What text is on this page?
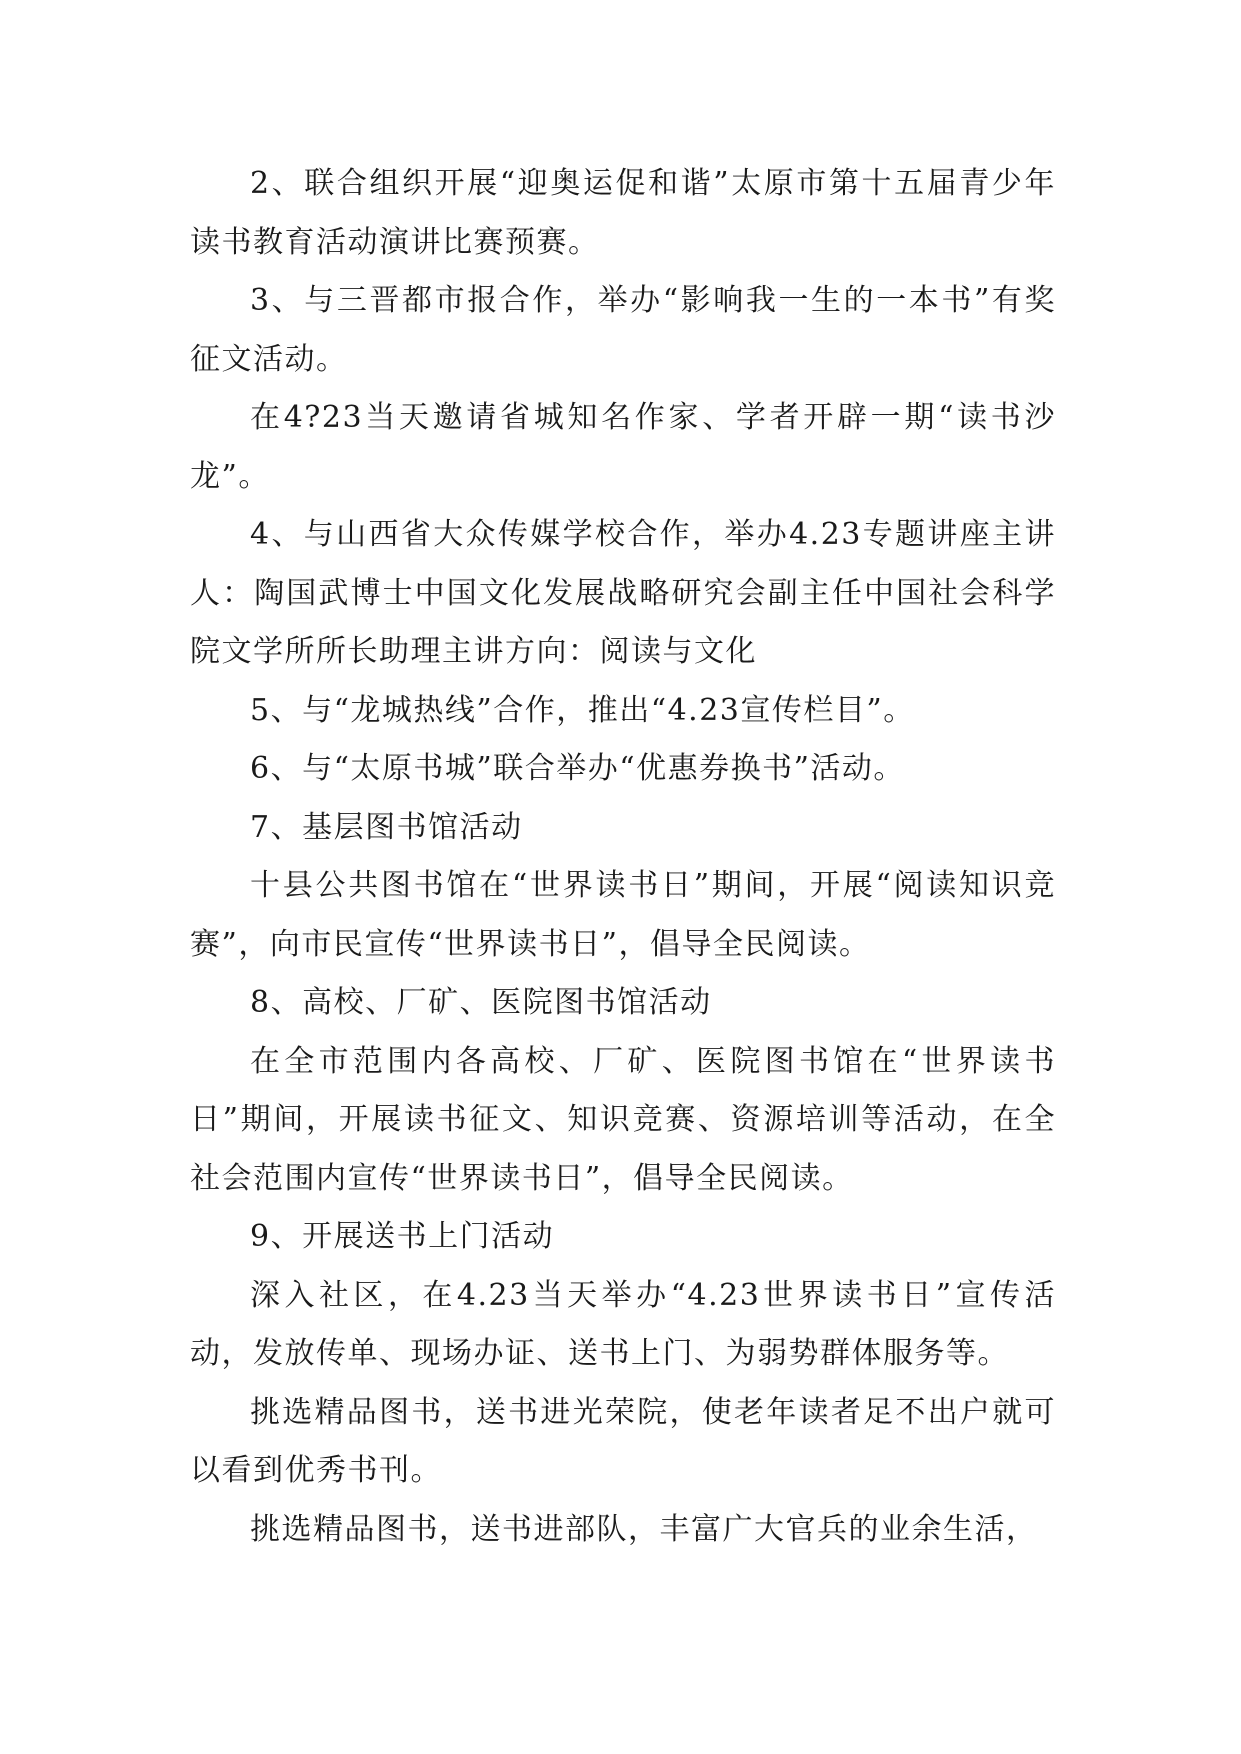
2、联合组织开展“迎奥运促和谐”太原市第十五届青少年读书教育活动演讲比赛预赛。

3、与三晋都市报合作，举办“影响我一生的一本书”有奖征文活动。

在4?23当天邀请省城知名作家、学者开辟一期“读书沙龙”。

4、与山西省大众传媒学校合作，举办4.23专题讲座主讲人：陶国武博士中国文化发展战略研究会副主任中国社会科学院文学所所长助理主讲方向：阅读与文化

5、与“龙城热线”合作，推出“4.23宣传栏目”。

6、与“太原书城”联合举办“优惠券换书”活动。

7、基层图书馆活动

十县公共图书馆在“世界读书日”期间，开展“阅读知识竞赛”，向市民宣传“世界读书日”，倡导全民阅读。

8、高校、厂矿、医院图书馆活动

在全市范围内各高校、厂矿、医院图书馆在“世界读书日”期间，开展读书征文、知识竞赛、资源培训等活动，在全社会范围内宣传“世界读书日”，倡导全民阅读。

9、开展送书上门活动

深入社区，在4.23当天举办“4.23世界读书日”宣传活动，发放传单、现场办证、送书上门、为弱势群体服务等。

挑选精品图书，送书进光荣院，使老年读者足不出户就可以看到优秀书刊。

挑选精品图书，送书进部队，丰富广大官兵的业余生活，
